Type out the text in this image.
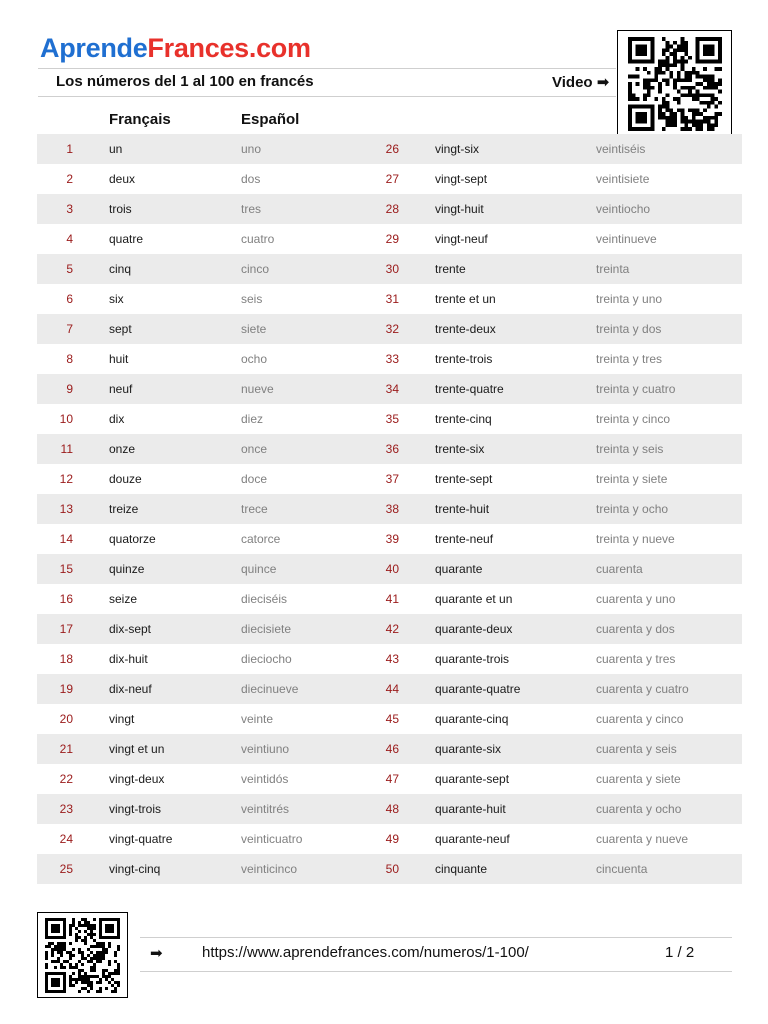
AprendeFrances.com
Los números del 1 al 100 en francés	Video ➡
Français	Español
1	un	uno	26	vingt-six	veintiséis
2	deux	dos	27	vingt-sept	veintisiete
3	trois	tres	28	vingt-huit	veintiocho
4	quatre	cuatro	29	vingt-neuf	veintinueve
5	cinq	cinco	30	trente	treinta
6	six	seis	31	trente et un	treinta y uno
7	sept	siete	32	trente-deux	treinta y dos
8	huit	ocho	33	trente-trois	treinta y tres
9	neuf	nueve	34	trente-quatre	treinta y cuatro
10	dix	diez	35	trente-cinq	treinta y cinco
11	onze	once	36	trente-six	treinta y seis
12	douze	doce	37	trente-sept	treinta y siete
13	treize	trece	38	trente-huit	treinta y ocho
14	quatorze	catorce	39	trente-neuf	treinta y nueve
15	quinze	quince	40	quarante	cuarenta
16	seize	dieciséis	41	quarante et un	cuarenta y uno
17	dix-sept	diecisiete	42	quarante-deux	cuarenta y dos
18	dix-huit	dieciocho	43	quarante-trois	cuarenta y tres
19	dix-neuf	diecinueve	44	quarante-quatre	cuarenta y cuatro
20	vingt	veinte	45	quarante-cinq	cuarenta y cinco
21	vingt et un	veintiuno	46	quarante-six	cuarenta y seis
22	vingt-deux	veintidós	47	quarante-sept	cuarenta y siete
23	vingt-trois	veintitrés	48	quarante-huit	cuarenta y ocho
24	vingt-quatre	veinticuatro	49	quarante-neuf	cuarenta y nueve
25	vingt-cinq	veinticinco	50	cinquante	cincuenta
➡	https://www.aprendefrances.com/numeros/1-100/	1 / 2
